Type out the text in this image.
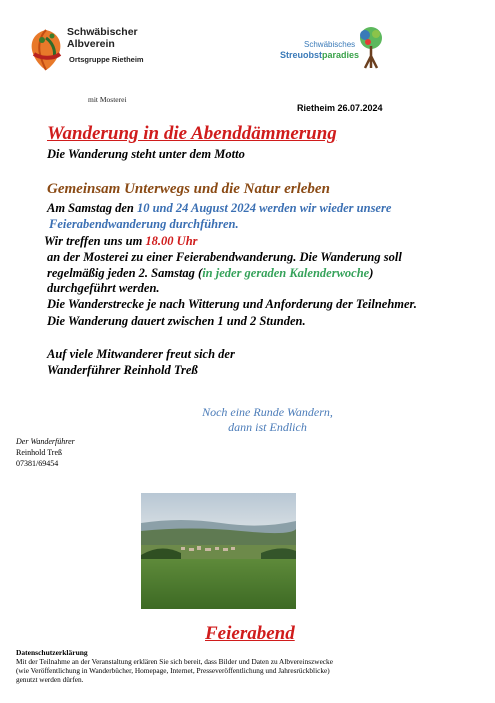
Schwäbischer
Albverein
Ortsgruppe Rietheim
mit Mosterei
Schwäbisches
Streuobstparadies
Rietheim 26.07.2024
Wanderung in die Abenddämmerung
Die Wanderung steht unter dem Motto
Gemeinsam Unterwegs und die Natur erleben
Am Samstag den 10 und 24 August 2024 werden wir wieder unsere
Feierabendwanderung durchführen.
Wir treffen uns um 18.00 Uhr
an der Mosterei zu einer Feierabendwanderung. Die Wanderung soll
regelmäßig jeden 2. Samstag (in jeder geraden Kalenderwoche)
durchgeführt werden.
Die Wanderstrecke je nach Witterung und Anforderung der Teilnehmer.
Die Wanderung dauert zwischen 1 und 2 Stunden.
Auf viele Mitwanderer freut sich der
Wanderführer Reinhold Treß
Noch eine Runde Wandern,
dann ist Endlich
Der Wanderführer
Reinhold Treß
07381/69454
Feierabend
Datenschutzerklärung
Mit der Teilnahme an der Veranstaltung erklären Sie sich bereit, dass Bilder und Daten zu Albvereinszwecke
(wie Veröffentlichung in Wanderbücher, Homepage, Internet, Presseveröffentlichung und Jahresrückblicke)
genutzt werden dürfen.
